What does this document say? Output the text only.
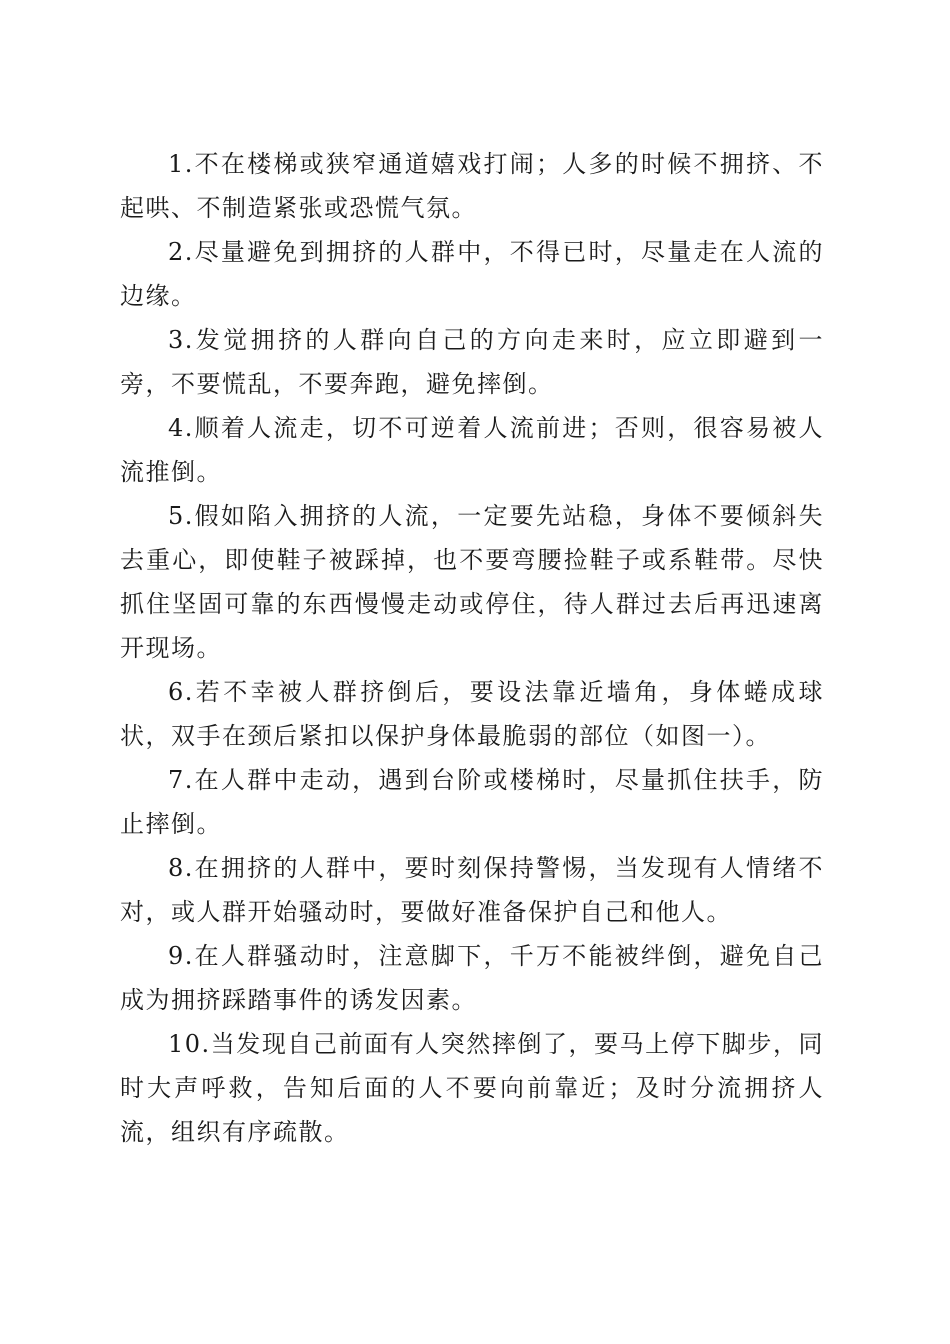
1.不在楼梯或狭窄通道嬉戏打闹；人多的时候不拥挤、不起哄、不制造紧张或恐慌气氛。

2.尽量避免到拥挤的人群中，不得已时，尽量走在人流的边缘。

3.发觉拥挤的人群向自己的方向走来时，应立即避到一旁，不要慌乱，不要奔跑，避免摔倒。

4.顺着人流走，切不可逆着人流前进；否则，很容易被人流推倒。

5.假如陷入拥挤的人流，一定要先站稳，身体不要倾斜失去重心，即使鞋子被踩掉，也不要弯腰捡鞋子或系鞋带。尽快抓住坚固可靠的东西慢慢走动或停住，待人群过去后再迅速离开现场。

6.若不幸被人群挤倒后，要设法靠近墙角，身体蜷成球状，双手在颈后紧扣以保护身体最脆弱的部位（如图一）。

7.在人群中走动，遇到台阶或楼梯时，尽量抓住扶手，防止摔倒。

8.在拥挤的人群中，要时刻保持警惕，当发现有人情绪不对，或人群开始骚动时，要做好准备保护自己和他人。

9.在人群骚动时，注意脚下，千万不能被绊倒，避免自己成为拥挤踩踏事件的诱发因素。

10.当发现自己前面有人突然摔倒了，要马上停下脚步，同时大声呼救，告知后面的人不要向前靠近；及时分流拥挤人流，组织有序疏散。
